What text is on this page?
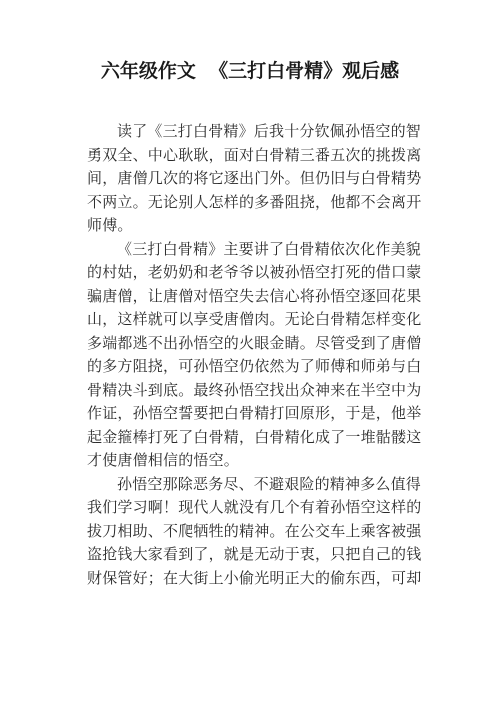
六年级作文  《三打白骨精》观后感

读了《三打白骨精》后我十分钦佩孙悟空的智
勇双全、中心耿耿，面对白骨精三番五次的挑拨离
间，唐僧几次的将它逐出门外。但仍旧与白骨精势
不两立。无论别人怎样的多番阻挠，他都不会离开
师傅。

《三打白骨精》主要讲了白骨精依次化作美貌
的村姑，老奶奶和老爷爷以被孙悟空打死的借口蒙
骗唐僧，让唐僧对悟空失去信心将孙悟空逐回花果
山，这样就可以享受唐僧肉。无论白骨精怎样变化
多端都逃不出孙悟空的火眼金睛。尽管受到了唐僧
的多方阻挠，可孙悟空仍依然为了师傅和师弟与白
骨精决斗到底。最终孙悟空找出众神来在半空中为
作证，孙悟空誓要把白骨精打回原形，于是，他举
起金箍棒打死了白骨精，白骨精化成了一堆骷髅这
才使唐僧相信的悟空。

孙悟空那除恶务尽、不避艰险的精神多么值得
我们学习啊！现代人就没有几个有着孙悟空这样的
拔刀相助、不爬牺牲的精神。在公交车上乘客被强
盗抢钱大家看到了，就是无动于衷，只把自己的钱
财保管好；在大街上小偷光明正大的偷东西，可却
